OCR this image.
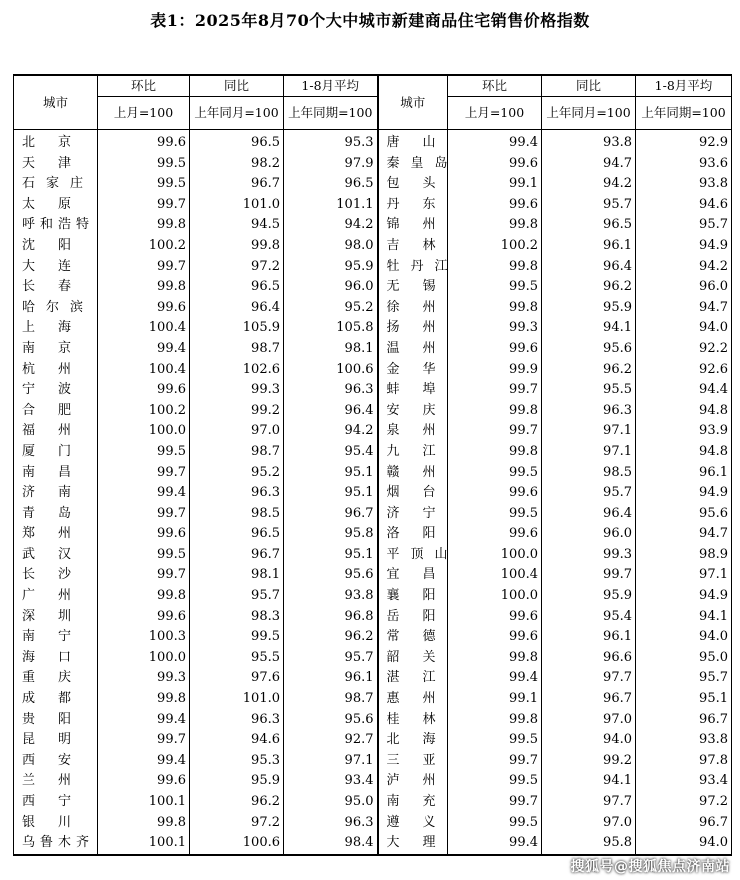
表1：2025年8月70个大中城市新建商品住宅销售价格指数
城市	环比	同比	1-8月平均	城市	环比	同比	1-8月平均
	上月=100	上年同月=100	上年同期=100		上月=100	上年同月=100	上年同期=100

北 京	99.6	96.5	95.3	唐 山	99.4	93.8	92.9

天 津	99.5	98.2	97.9	秦 皇 岛	99.6	94.7	93.6

石 家 庄	99.5	96.7	96.5	包 头	99.1	94.2	93.8

太 原	99.7	101.0	101.1	丹 东	99.6	95.7	94.6

呼 和 浩 特	99.8	94.5	94.2	锦 州	99.8	96.5	95.7

沈 阳	100.2	99.8	98.0	吉 林	100.2	96.1	94.9

大 连	99.7	97.2	95.9	牡 丹 江	99.8	96.4	94.2

长 春	99.8	96.5	96.0	无 锡	99.5	96.2	96.0

哈 尔 滨	99.6	96.4	95.2	徐 州	99.8	95.9	94.7

上 海	100.4	105.9	105.8	扬 州	99.3	94.1	94.0

南 京	99.4	98.7	98.1	温 州	99.6	95.6	92.2

杭 州	100.4	102.6	100.6	金 华	99.9	96.2	92.6

宁 波	99.6	99.3	96.3	蚌 埠	99.7	95.5	94.4

合 肥	100.2	99.2	96.4	安 庆	99.8	96.3	94.8

福 州	100.0	97.0	94.2	泉 州	99.7	97.1	93.9

厦 门	99.5	98.7	95.4	九 江	99.8	97.1	94.8

南 昌	99.7	95.2	95.1	赣 州	99.5	98.5	96.1

济 南	99.4	96.3	95.1	烟 台	99.6	95.7	94.9

青 岛	99.7	98.5	96.7	济 宁	99.5	96.4	95.6

郑 州	99.6	96.5	95.8	洛 阳	99.6	96.0	94.7

武 汉	99.5	96.7	95.1	平 顶 山	100.0	99.3	98.9

长 沙	99.7	98.1	95.6	宜 昌	100.4	99.7	97.1

广 州	99.8	95.7	93.8	襄 阳	100.0	95.9	94.9

深 圳	99.6	98.3	96.8	岳 阳	99.6	95.4	94.1

南 宁	100.3	99.5	96.2	常 德	99.6	96.1	94.0

海 口	100.0	95.5	95.7	韶 关	99.8	96.6	95.0

重 庆	99.3	97.6	96.1	湛 江	99.4	97.7	95.7

成 都	99.8	101.0	98.7	惠 州	99.1	96.7	95.1

贵 阳	99.4	96.3	95.6	桂 林	99.8	97.0	96.7

昆 明	99.7	94.6	92.7	北 海	99.5	94.0	93.8

西 安	99.4	95.3	97.1	三 亚	99.7	99.2	97.8

兰 州	99.6	95.9	93.4	泸 州	99.5	94.1	93.4

西 宁	100.1	96.2	95.0	南 充	99.7	97.7	97.2

银 川	99.8	97.2	96.3	遵 义	99.5	97.0	96.7

乌 鲁 木 齐	100.1	100.6	98.4	大 理	99.4	95.8	94.0
搜狐号@搜狐焦点济南站
